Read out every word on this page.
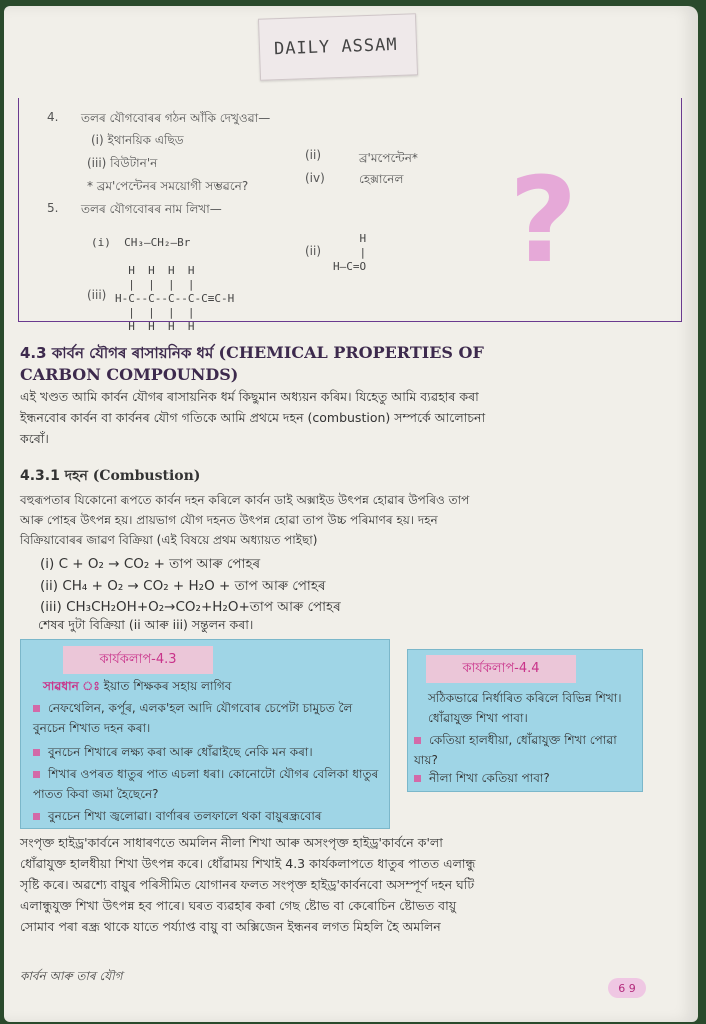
DAILY ASSAM
4. তলৰ যৌগবোৰৰ গঠন আঁকি দেখুওৱা—
(i) ইথানয়িক এছিড
(ii)	ব্ৰ'মপেন্টেন*
(iii) বিউটান'ন
(iv)	হেক্সানেল
* ব্ৰম'পেন্টেনৰ সময়োগী সম্ভৱনে?
5. তলৰ যৌগবোৰৰ নাম লিখা—
(i)  CH₃—CH₂—Br
(ii)
H
|
H—C=O
(iii)
H  H  H  H
|  |  |  |
H-C--C--C--C-C≡C-H
|  |  |  |
H  H  H  H
?
4.3 কাৰ্বন যৌগৰ ৰাসায়নিক ধৰ্ম (CHEMICAL PROPERTIES OF CARBON COMPOUNDS)

এই খণ্ডত আমি কাৰ্বন যৌগৰ ৰাসায়নিক ধৰ্ম কিছুমান অধ্যয়ন কৰিম। যিহেতু আমি ব্যৱহাৰ কৰা ইন্ধনবোৰ কাৰ্বন বা কাৰ্বনৰ যৌগ গতিকে আমি প্ৰথমে দহন (combustion) সম্পৰ্কে আলোচনা কৰোঁ।

4.3.1 দহন (Combustion)

বহুৰূপতাৰ যিকোনো ৰূপতে কাৰ্বন দহন কৰিলে কাৰ্বন ডাই অক্সাইড উৎপন্ন হোৱাৰ উপৰিও তাপ আৰু পোহৰ উৎপন্ন হয়। প্ৰায়ভাগ যৌগ দহনত উৎপন্ন হোৱা তাপ উচ্চ পৰিমাণৰ হয়। দহন বিক্ৰিয়াবোৰৰ জাৱণ বিক্ৰিয়া (এই বিষয়ে প্ৰথম অধ্যায়ত পাইছা)

(i) C + O₂ → CO₂ + তাপ আৰু পোহৰ
(ii) CH₄ + O₂ → CO₂ + H₂O + তাপ আৰু পোহৰ
(iii) CH₃CH₂OH+O₂→CO₂+H₂O+তাপ আৰু পোহৰ
শেষৰ দুটা বিক্ৰিয়া (ii আৰু iii) সন্তুলন কৰা।
কাৰ্যকলাপ-4.3
সাৱধান ঃ ইয়াত শিক্ষকৰ সহায় লাগিব
নেফথেলিন, কৰ্পূৰ, এলক'হল আদি যৌগবোৰ চেপেটা চামুচত লৈ বুনচেন শিখাত দহন কৰা।
বুনচেন শিখাৰে লক্ষ্য কৰা আৰু ধোঁৱাইছে নেকি মন কৰা।
শিখাৰ ওপৰত ধাতুৰ পাত এচলা ধৰা। কোনোটো যৌগৰ বেলিকা ধাতুৰ পাতত কিবা জমা হৈছেনে?
বুনচেন শিখা জ্বলোৱা। বাৰ্ণাৰৰ তলফালে থকা বায়ুৰন্ধ্ৰবোৰ
কাৰ্যকলাপ-4.4
সঠিকভাৱে নিৰ্ধাৰিত কৰিলে বিভিন্ন শিখা। ধোঁৱাযুক্ত শিখা পাবা।
কেতিয়া হালধীয়া, ধোঁৱাযুক্ত শিখা পোৱা যায়?
নীলা শিখা কেতিয়া পাবা?

সংপৃক্ত হাইড্ৰ'কাৰ্বনে সাধাৰণতে অমলিন নীলা শিখা আৰু অসংপৃক্ত হাইড্ৰ'কাৰ্বনে ক'লা ধোঁৱাযুক্ত হালধীয়া শিখা উৎপন্ন কৰে। ধোঁৱাময় শিখাই 4.3 কাৰ্যকলাপতে ধাতুৰ পাতত এলান্ধু সৃষ্টি কৰে। অৱশ্যে বায়ুৰ পৰিসীমিত যোগানৰ ফলত সংপৃক্ত হাইড্ৰ'কাৰ্বনবো অসম্পূৰ্ণ দহন ঘটি এলান্ধুযুক্ত শিখা উৎপন্ন হব পাৰে। ঘৰত ব্যৱহাৰ কৰা গেছ ষ্টোভ বা কেৰোচিন ষ্টোভত বায়ু সোমাব পৰা ৰন্ধ্ৰ থাকে যাতে পৰ্য্যাপ্ত বায়ু বা অক্সিজেন ইন্ধনৰ লগত মিহলি হৈ অমলিন

কাৰ্বন আৰু তাৰ যৌগ
6 9
